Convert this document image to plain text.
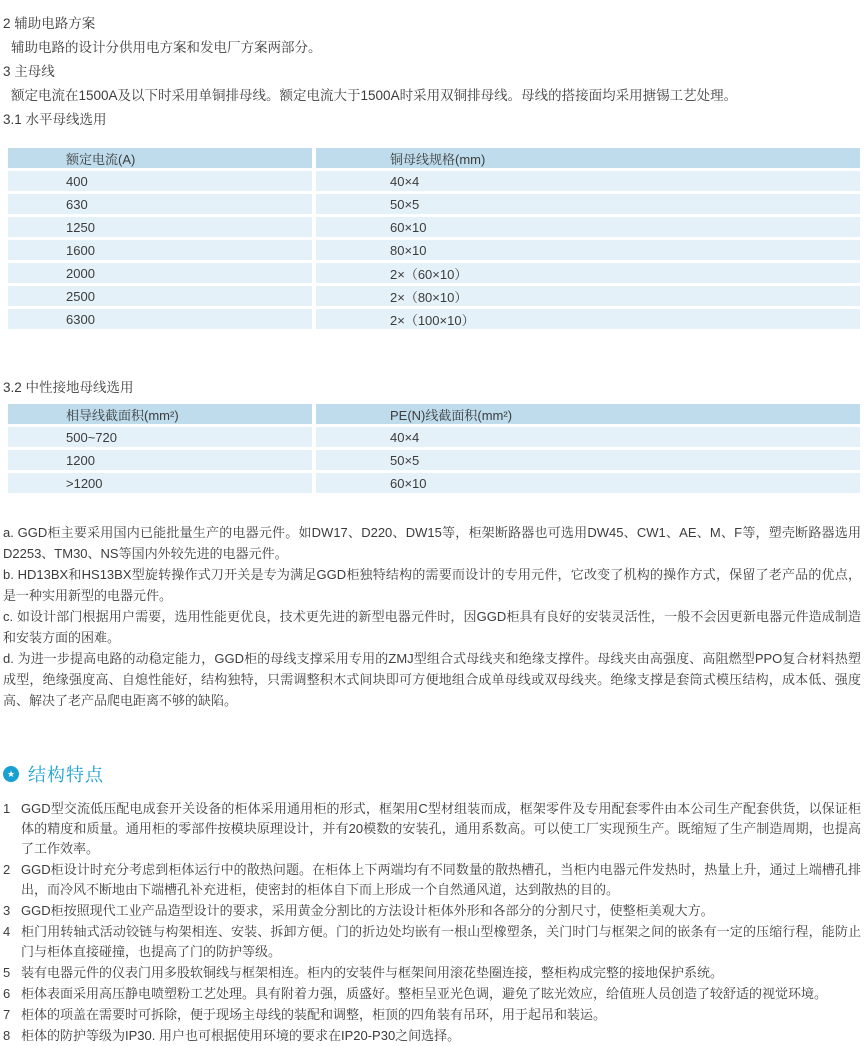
2 辅助电路方案
辅助电路的设计分供用电方案和发电厂方案两部分。
3 主母线
额定电流在1500A及以下时采用单铜排母线。额定电流大于1500A时采用双铜排母线。母线的搭接面均采用搪锡工艺处理。
3.1 水平母线选用
额定电流(A)	铜母线规格(mm)
400	40×4
630	50×5
1250	60×10
1600	80×10
2000	2×（60×10）
2500	2×（80×10）
6300	2×（100×10）
3.2 中性接地母线选用
相导线截面积(mm²)	PE(N)线截面积(mm²)
500~720	40×4
1200	50×5
>1200	60×10

a. GGD柜主要采用国内已能批量生产的电器元件。如DW17、D220、DW15等，柜架断路器也可选用DW45、CW1、AE、M、F等，塑壳断路器选用D2253、TM30、NS等国内外较先进的电器元件。

b. HD13BX和HS13BX型旋转操作式刀开关是专为满足GGD柜独特结构的需要而设计的专用元件，它改变了机构的操作方式，保留了老产品的优点，是一种实用新型的电器元件。

c. 如设计部门根据用户需要，选用性能更优良，技术更先进的新型电器元件时，因GGD柜具有良好的安装灵活性，一般不会因更新电器元件造成制造和安装方面的困难。

d. 为进一步提高电路的动稳定能力，GGD柜的母线支撑采用专用的ZMJ型组合式母线夹和绝缘支撑件。母线夹由高强度、高阻燃型PPO复合材料热塑成型，绝缘强度高、自熄性能好，结构独特，只需调整积木式间块即可方便地组合成单母线或双母线夹。绝缘支撑是套筒式模压结构，成本低、强度高、解决了老产品爬电距离不够的缺陷。

★ 结构特点
1 GGD型交流低压配电成套开关设备的柜体采用通用柜的形式，框架用C型材组装而成，框架零件及专用配套零件由本公司生产配套供货，以保证柜体的精度和质量。通用柜的零部件按模块原理设计，并有20模数的安装孔，通用系数高。可以使工厂实现预生产。既缩短了生产制造周期，也提高了工作效率。
2 GGD柜设计时充分考虑到柜体运行中的散热问题。在柜体上下两端均有不同数量的散热槽孔，当柜内电器元件发热时，热量上升，通过上端槽孔排出，而冷风不断地由下端槽孔补充进柜，使密封的柜体自下而上形成一个自然通风道，达到散热的目的。
3 GGD柜按照现代工业产品造型设计的要求，采用黄金分割比的方法设计柜体外形和各部分的分割尺寸，使整柜美观大方。
4 柜门用转轴式活动铰链与构架相连、安装、拆卸方便。门的折边处均嵌有一根山型橡塑条，关门时门与框架之间的嵌条有一定的压缩行程，能防止门与柜体直接碰撞，也提高了门的防护等级。
5 装有电器元件的仪表门用多股软铜线与框架相连。柜内的安装件与框架间用滚花垫圈连接，整柜构成完整的接地保护系统。
6 柜体表面采用高压静电喷塑粉工艺处理。具有附着力强，质盛好。整柜呈亚光色调，避免了眩光效应，给值班人员创造了较舒适的视觉环境。
7 柜体的项盖在需要时可拆除，便于现场主母线的装配和调整，柜顶的四角装有吊环，用于起吊和装运。
8 柜体的防护等级为IP30. 用户也可根据使用环境的要求在IP20-P30之间选择。
